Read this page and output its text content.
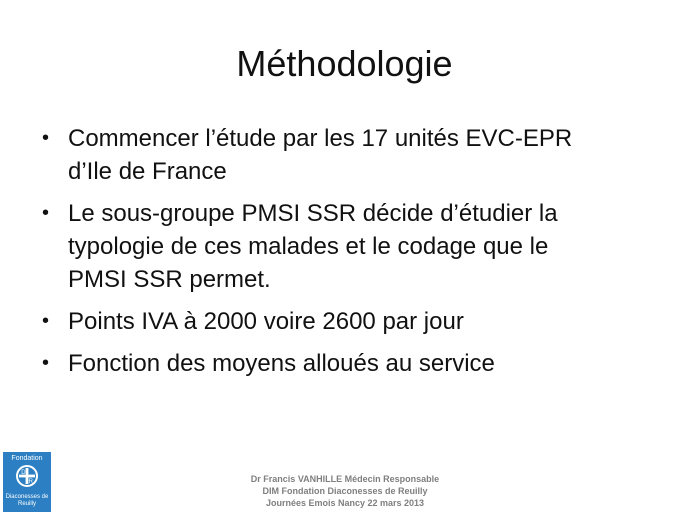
Méthodologie
• Commencer l’étude par les 17 unités EVC-EPR
d’Ile de France
• Le sous-groupe PMSI SSR décide d’étudier la
typologie de ces malades et le codage que le
PMSI SSR permet.
• Points IVA à 2000 voire 2600 par jour
• Fonction des moyens alloués au service
Fondation
D
R
Diaconesses de Reuilly
Dr Francis VANHILLE Médecin Responsable
DIM Fondation Diaconesses de Reuilly
Journées Emois Nancy 22 mars 2013
